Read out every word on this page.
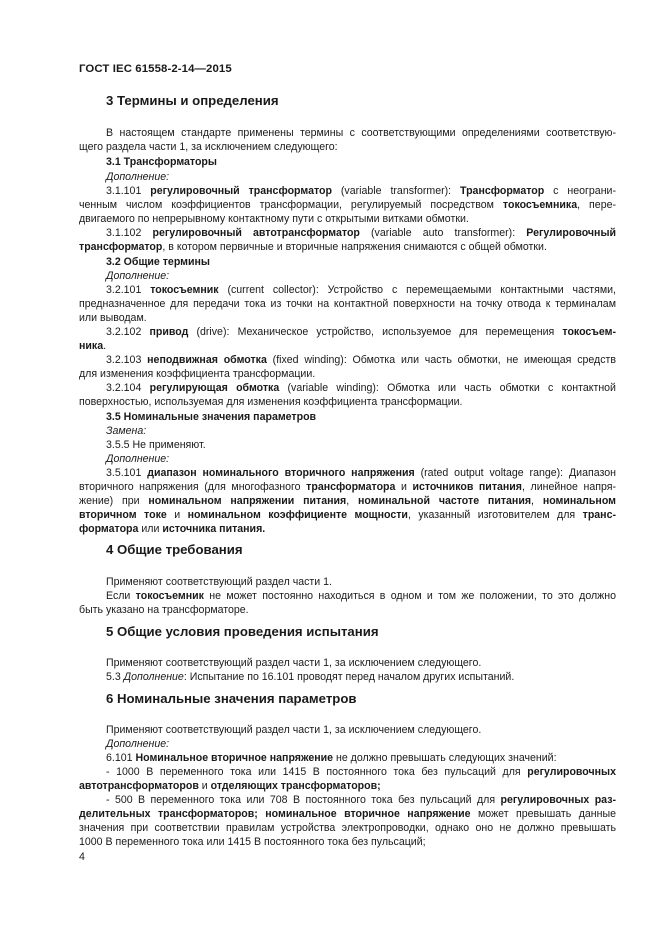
ГОСТ IEC 61558-2-14—2015
3 Термины и определения
В настоящем стандарте применены термины с соответствующими определениями соответствую-
щего раздела части 1, за исключением следующего:
3.1 Трансформаторы
Дополнение:
3.1.101 регулировочный трансформатор (variable transformer): Трансформатор с неограни-
ченным числом коэффициентов трансформации, регулируемый посредством токосъемника, пере-
двигаемого по непрерывному контактному пути с открытыми витками обмотки.
3.1.102 регулировочный автотрансформатор (variable auto transformer): Регулировочный
трансформатор, в котором первичные и вторичные напряжения снимаются с общей обмотки.
3.2 Общие термины
Дополнение:
3.2.101 токосъемник (current collector): Устройство с перемещаемыми контактными частями,
предназначенное для передачи тока из точки на контактной поверхности на точку отвода к терминалам
или выводам.
3.2.102 привод (drive): Механическое устройство, используемое для перемещения токосъем-
ника.
3.2.103 неподвижная обмотка (fixed winding): Обмотка или часть обмотки, не имеющая средств
для изменения коэффициента трансформации.
3.2.104 регулирующая обмотка (variable winding): Обмотка или часть обмотки с контактной
поверхностью, используемая для изменения коэффициента трансформации.
3.5 Номинальные значения параметров
Замена:
3.5.5 Не применяют.
Дополнение:
3.5.101 диапазон номинального вторичного напряжения (rated output voltage range): Диапазон
вторичного напряжения (для многофазного трансформатора и источников питания, линейное напря-
жение) при номинальном напряжении питания, номинальной частоте питания, номинальном
вторичном токе и номинальном коэффициенте мощности, указанный изготовителем для транс-
форматора или источника питания.
4 Общие требования
Применяют соответствующий раздел части 1.
Если токосъемник не может постоянно находиться в одном и том же положении, то это должно
быть указано на трансформаторе.
5 Общие условия проведения испытания
Применяют соответствующий раздел части 1, за исключением следующего.
5.3 Дополнение: Испытание по 16.101 проводят перед началом других испытаний.
6 Номинальные значения параметров
Применяют соответствующий раздел части 1, за исключением следующего.
Дополнение:
6.101 Номинальное вторичное напряжение не должно превышать следующих значений:
- 1000 В переменного тока или 1415 В постоянного тока без пульсаций для регулировочных
автотрансформаторов и отделяющих трансформаторов;
- 500 В переменного тока или 708 В постоянного тока без пульсаций для регулировочных раз-
делительных трансформаторов; номинальное вторичное напряжение может превышать данные
значения при соответствии правилам устройства электропроводки, однако оно не должно превышать
1000 В переменного тока или 1415 В постоянного тока без пульсаций;
4
